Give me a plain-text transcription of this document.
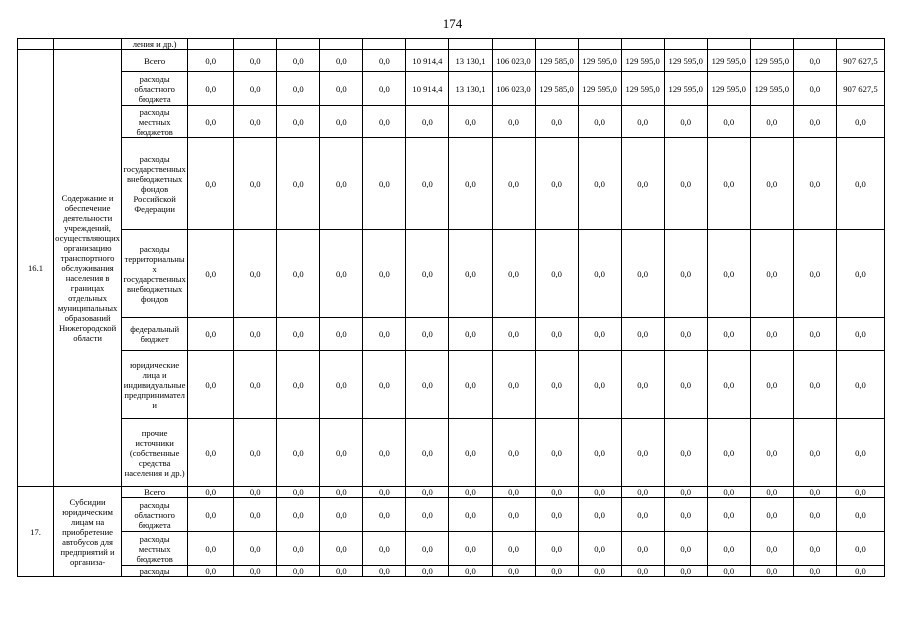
174
		ления и др.)																
16.1	Содержание и обеспечение деятельности учреждений, осуществляющих организацию транспортного обслуживания населения в границах отдельных муниципальных образований Нижегородской области	Всего	0,0	0,0	0,0	0,0	0,0	10 914,4	13 130,1	106 023,0	129 585,0	129 595,0	129 595,0	129 595,0	129 595,0	129 595,0	0,0	907 627,5
		расходы областного бюджета	0,0	0,0	0,0	0,0	0,0	10 914,4	13 130,1	106 023,0	129 585,0	129 595,0	129 595,0	129 595,0	129 595,0	129 595,0	0,0	907 627,5
		расходы местных бюджетов	0,0	0,0	0,0	0,0	0,0	0,0	0,0	0,0	0,0	0,0	0,0	0,0	0,0	0,0	0,0	0,0
		расходы государственных внебюджетных фондов Российской Федерации	0,0	0,0	0,0	0,0	0,0	0,0	0,0	0,0	0,0	0,0	0,0	0,0	0,0	0,0	0,0	0,0
		расходы территориальных государственных внебюджетных фондов	0,0	0,0	0,0	0,0	0,0	0,0	0,0	0,0	0,0	0,0	0,0	0,0	0,0	0,0	0,0	0,0
		федеральный бюджет	0,0	0,0	0,0	0,0	0,0	0,0	0,0	0,0	0,0	0,0	0,0	0,0	0,0	0,0	0,0	0,0
		юридические лица и индивидуальные предприниматели	0,0	0,0	0,0	0,0	0,0	0,0	0,0	0,0	0,0	0,0	0,0	0,0	0,0	0,0	0,0	0,0
		прочие источники (собственные средства населения и др.)	0,0	0,0	0,0	0,0	0,0	0,0	0,0	0,0	0,0	0,0	0,0	0,0	0,0	0,0	0,0	0,0
17.	Субсидии юридическим лицам на приобретение автобусов для предприятий и организа-	Всего	0,0	0,0	0,0	0,0	0,0	0,0	0,0	0,0	0,0	0,0	0,0	0,0	0,0	0,0	0,0	0,0
		расходы областного бюджета	0,0	0,0	0,0	0,0	0,0	0,0	0,0	0,0	0,0	0,0	0,0	0,0	0,0	0,0	0,0	0,0
		расходы местных бюджетов	0,0	0,0	0,0	0,0	0,0	0,0	0,0	0,0	0,0	0,0	0,0	0,0	0,0	0,0	0,0	0,0
		расходы	0,0	0,0	0,0	0,0	0,0	0,0	0,0	0,0	0,0	0,0	0,0	0,0	0,0	0,0	0,0	0,0
